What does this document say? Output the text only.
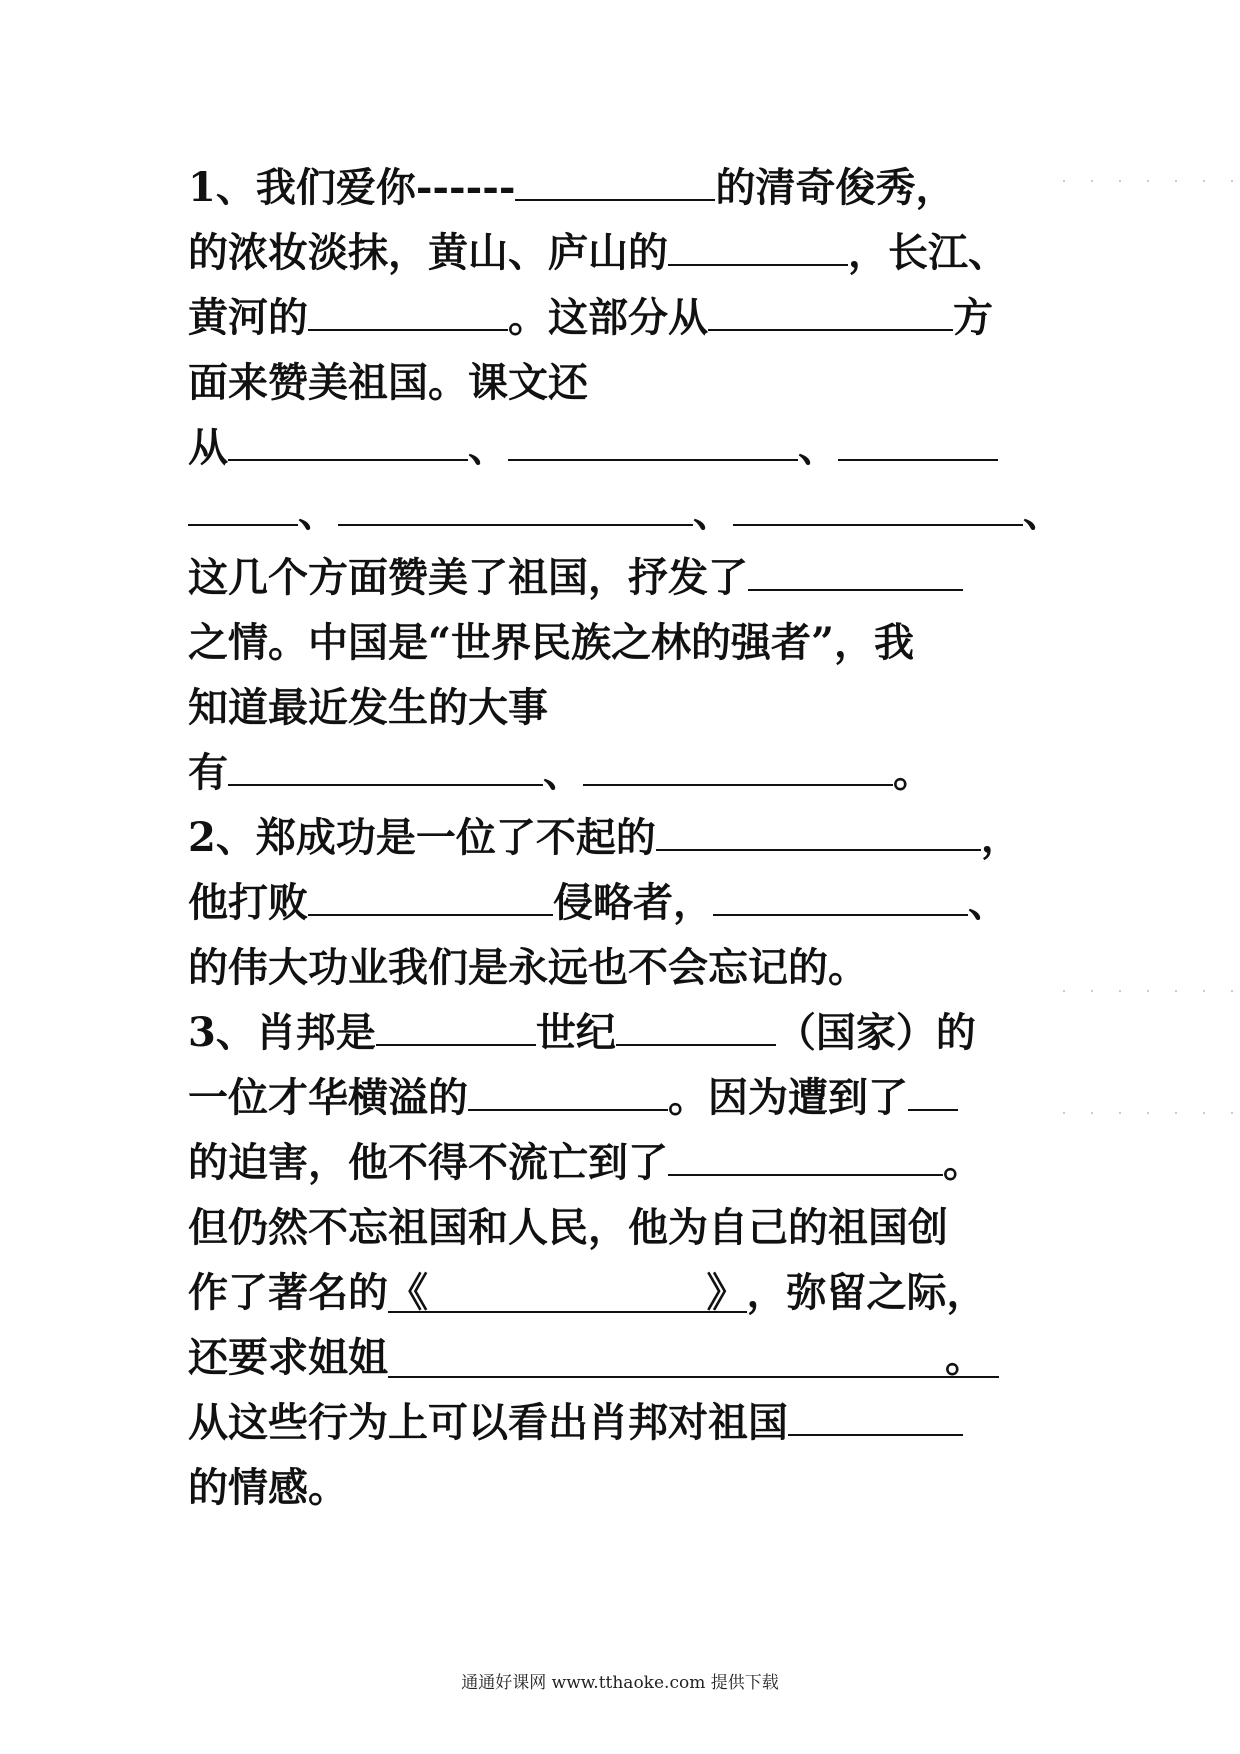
1、我们爱你------	的清奇俊秀，
的浓妆淡抹，黄山、庐山的	，长江、
黄河的	。这部分从	方
面来赞美祖国。课文还
从	、	、
、	、	、
这几个方面赞美了祖国，抒发了
之情。中国是“世界民族之林的强者”，我
知道最近发生的大事
有	、	。
2、郑成功是一位了不起的	，
他打败	侵略者，	、
的伟大功业我们是永远也不会忘记的。
3、肖邦是	世纪	（国家）的
一位才华横溢的	。因为遭到了
的迫害，他不得不流亡到了	。
但仍然不忘祖国和人民，他为自己的祖国创
作了著名的《                    》，弥留之际，
还要求姐姐                                        。
从这些行为上可以看出肖邦对祖国
的情感。
通通好课网 www.tthaoke.com 提供下载
